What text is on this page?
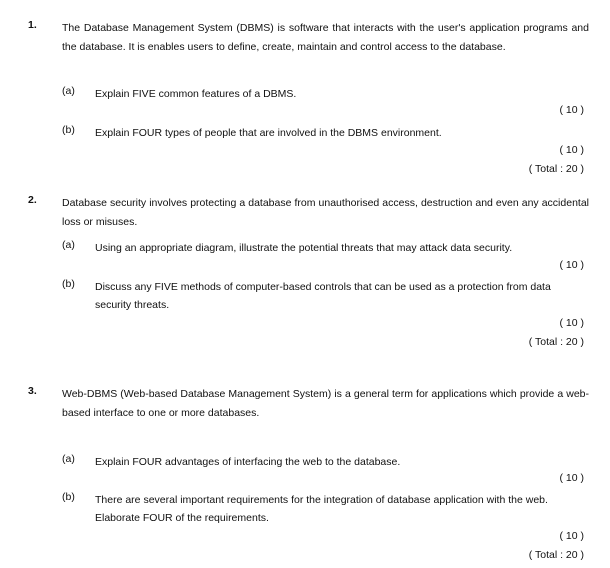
1. The Database Management System (DBMS) is software that interacts with the user's application programs and the database. It is enables users to define, create, maintain and control access to the database.
(a) Explain FIVE common features of a DBMS.
( 10 )
(b) Explain FOUR types of people that are involved in the DBMS environment.
( 10 )
( Total : 20 )
2. Database security involves protecting a database from unauthorised access, destruction and even any accidental loss or misuses.
(a) Using an appropriate diagram, illustrate the potential threats that may attack data security.
( 10 )
(b) Discuss any FIVE methods of computer-based controls that can be used as a protection from data security threats.
( 10 )
( Total : 20 )
3. Web-DBMS (Web-based Database Management System) is a general term for applications which provide a web-based interface to one or more databases.
(a) Explain FOUR advantages of interfacing the web to the database.
( 10 )
(b) There are several important requirements for the integration of database application with the web. Elaborate FOUR of the requirements.
( 10 )
( Total : 20 )
